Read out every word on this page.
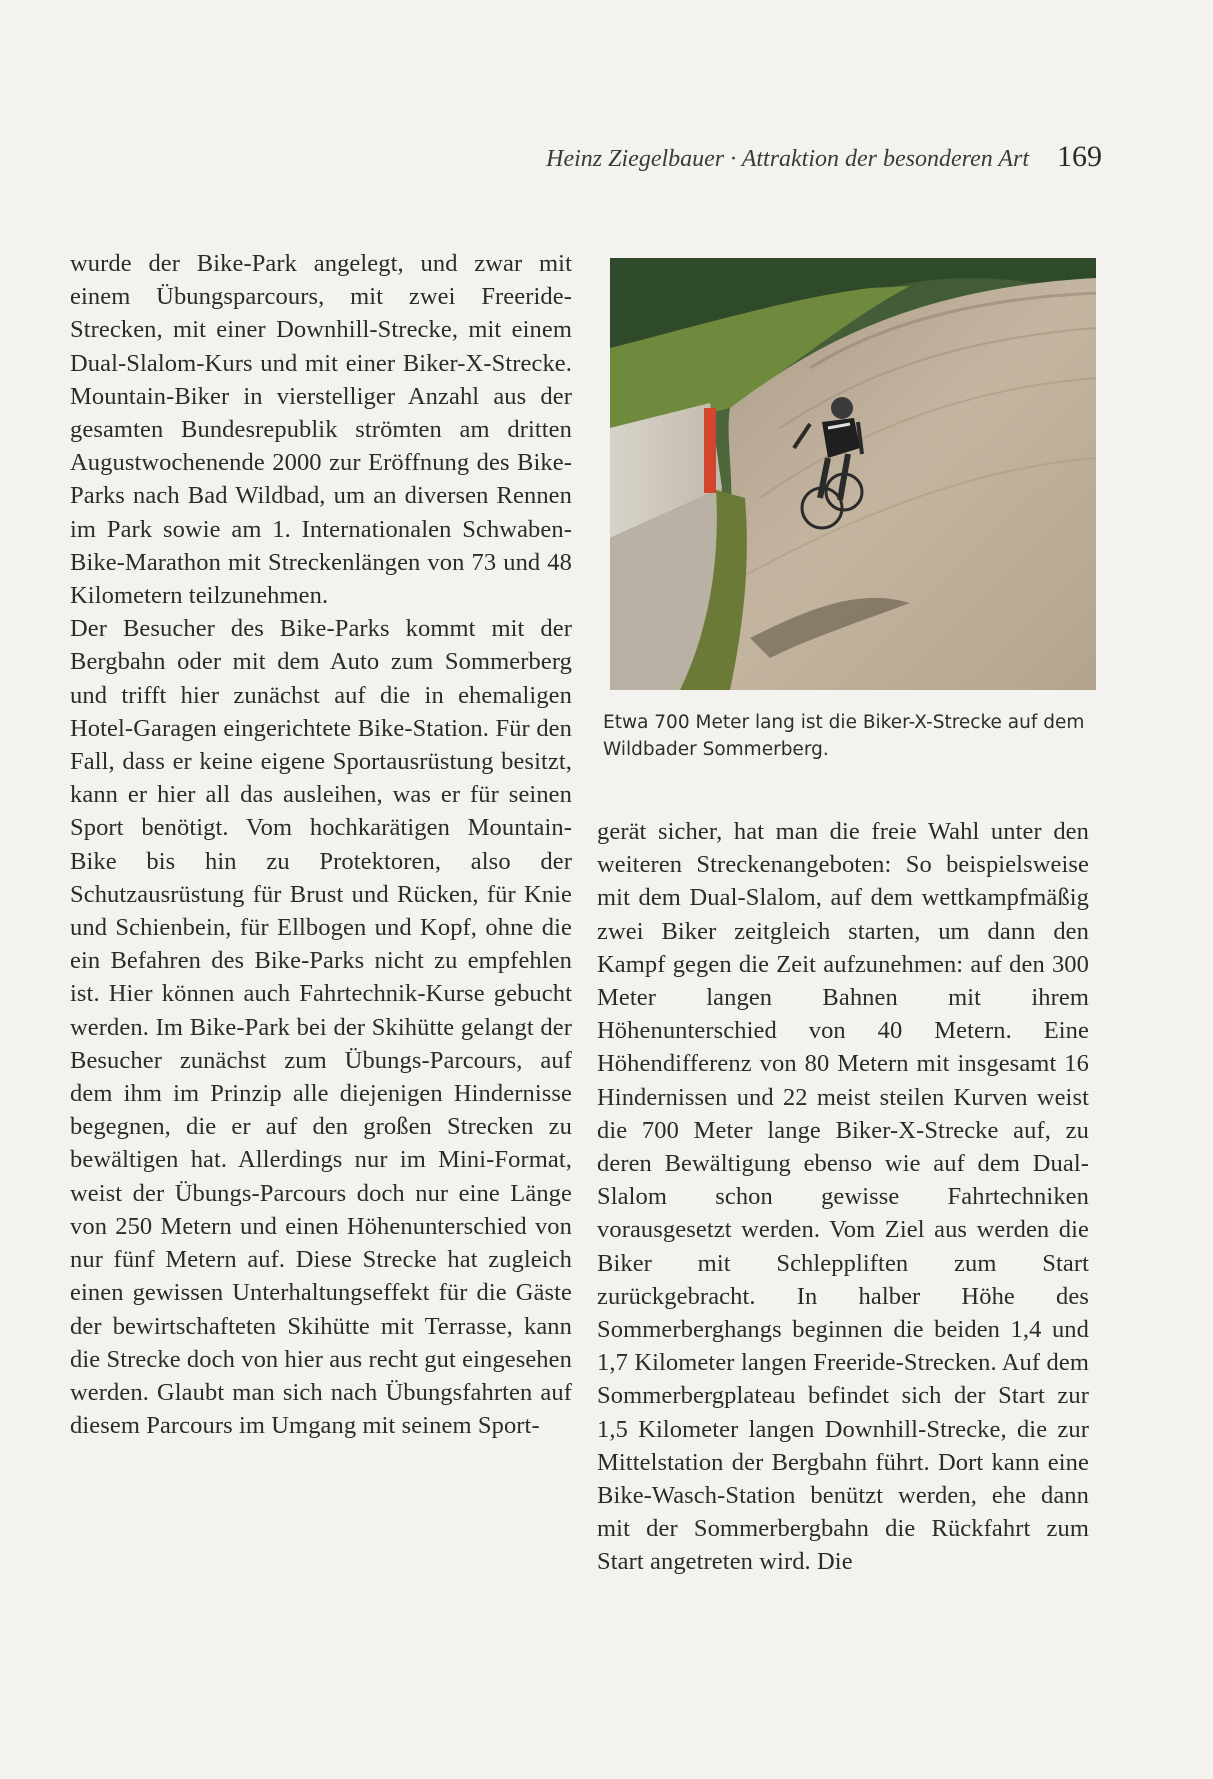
Heinz Ziegelbauer · Attraktion der besonderen Art 169

wurde der Bike-Park angelegt, und zwar mit einem Übungsparcours, mit zwei Freeride-Strecken, mit einer Downhill-Strecke, mit einem Dual-Slalom-Kurs und mit einer Biker-X-Strecke. Mountain-Biker in vierstelliger Anzahl aus der gesamten Bundesrepublik strömten am dritten Augustwochenende 2000 zur Eröffnung des Bike-Parks nach Bad Wildbad, um an diversen Rennen im Park sowie am 1. Internationalen Schwaben-Bike-Marathon mit Streckenlängen von 73 und 48 Kilometern teilzunehmen.

Der Besucher des Bike-Parks kommt mit der Bergbahn oder mit dem Auto zum Sommerberg und trifft hier zunächst auf die in ehemaligen Hotel-Garagen eingerichtete Bike-Station. Für den Fall, dass er keine eigene Sportausrüstung besitzt, kann er hier all das ausleihen, was er für seinen Sport benötigt. Vom hochkarätigen Mountain-Bike bis hin zu Protektoren, also der Schutzausrüstung für Brust und Rücken, für Knie und Schienbein, für Ellbogen und Kopf, ohne die ein Befahren des Bike-Parks nicht zu empfehlen ist. Hier können auch Fahrtechnik-Kurse gebucht werden. Im Bike-Park bei der Skihütte gelangt der Besucher zunächst zum Übungs-Parcours, auf dem ihm im Prinzip alle diejenigen Hindernisse begegnen, die er auf den großen Strecken zu bewältigen hat. Allerdings nur im Mini-Format, weist der Übungs-Parcours doch nur eine Länge von 250 Metern und einen Höhenunterschied von nur fünf Metern auf. Diese Strecke hat zugleich einen gewissen Unterhaltungseffekt für die Gäste der bewirtschafteten Skihütte mit Terrasse, kann die Strecke doch von hier aus recht gut eingesehen werden. Glaubt man sich nach Übungsfahrten auf diesem Parcours im Umgang mit seinem Sport-

Etwa 700 Meter lang ist die Biker-X-Strecke auf dem Wildbader Sommerberg.

gerät sicher, hat man die freie Wahl unter den weiteren Streckenangeboten: So beispielsweise mit dem Dual-Slalom, auf dem wettkampfmäßig zwei Biker zeitgleich starten, um dann den Kampf gegen die Zeit aufzunehmen: auf den 300 Meter langen Bahnen mit ihrem Höhenunterschied von 40 Metern. Eine Höhendifferenz von 80 Metern mit insgesamt 16 Hindernissen und 22 meist steilen Kurven weist die 700 Meter lange Biker-X-Strecke auf, zu deren Bewältigung ebenso wie auf dem Dual-Slalom schon gewisse Fahrtechniken vorausgesetzt werden. Vom Ziel aus werden die Biker mit Schleppliften zum Start zurückgebracht. In halber Höhe des Sommerberghangs beginnen die beiden 1,4 und 1,7 Kilometer langen Freeride-Strecken. Auf dem Sommerbergplateau befindet sich der Start zur 1,5 Kilometer langen Downhill-Strecke, die zur Mittelstation der Bergbahn führt. Dort kann eine Bike-Wasch-Station benützt werden, ehe dann mit der Sommerbergbahn die Rückfahrt zum Start angetreten wird. Die
